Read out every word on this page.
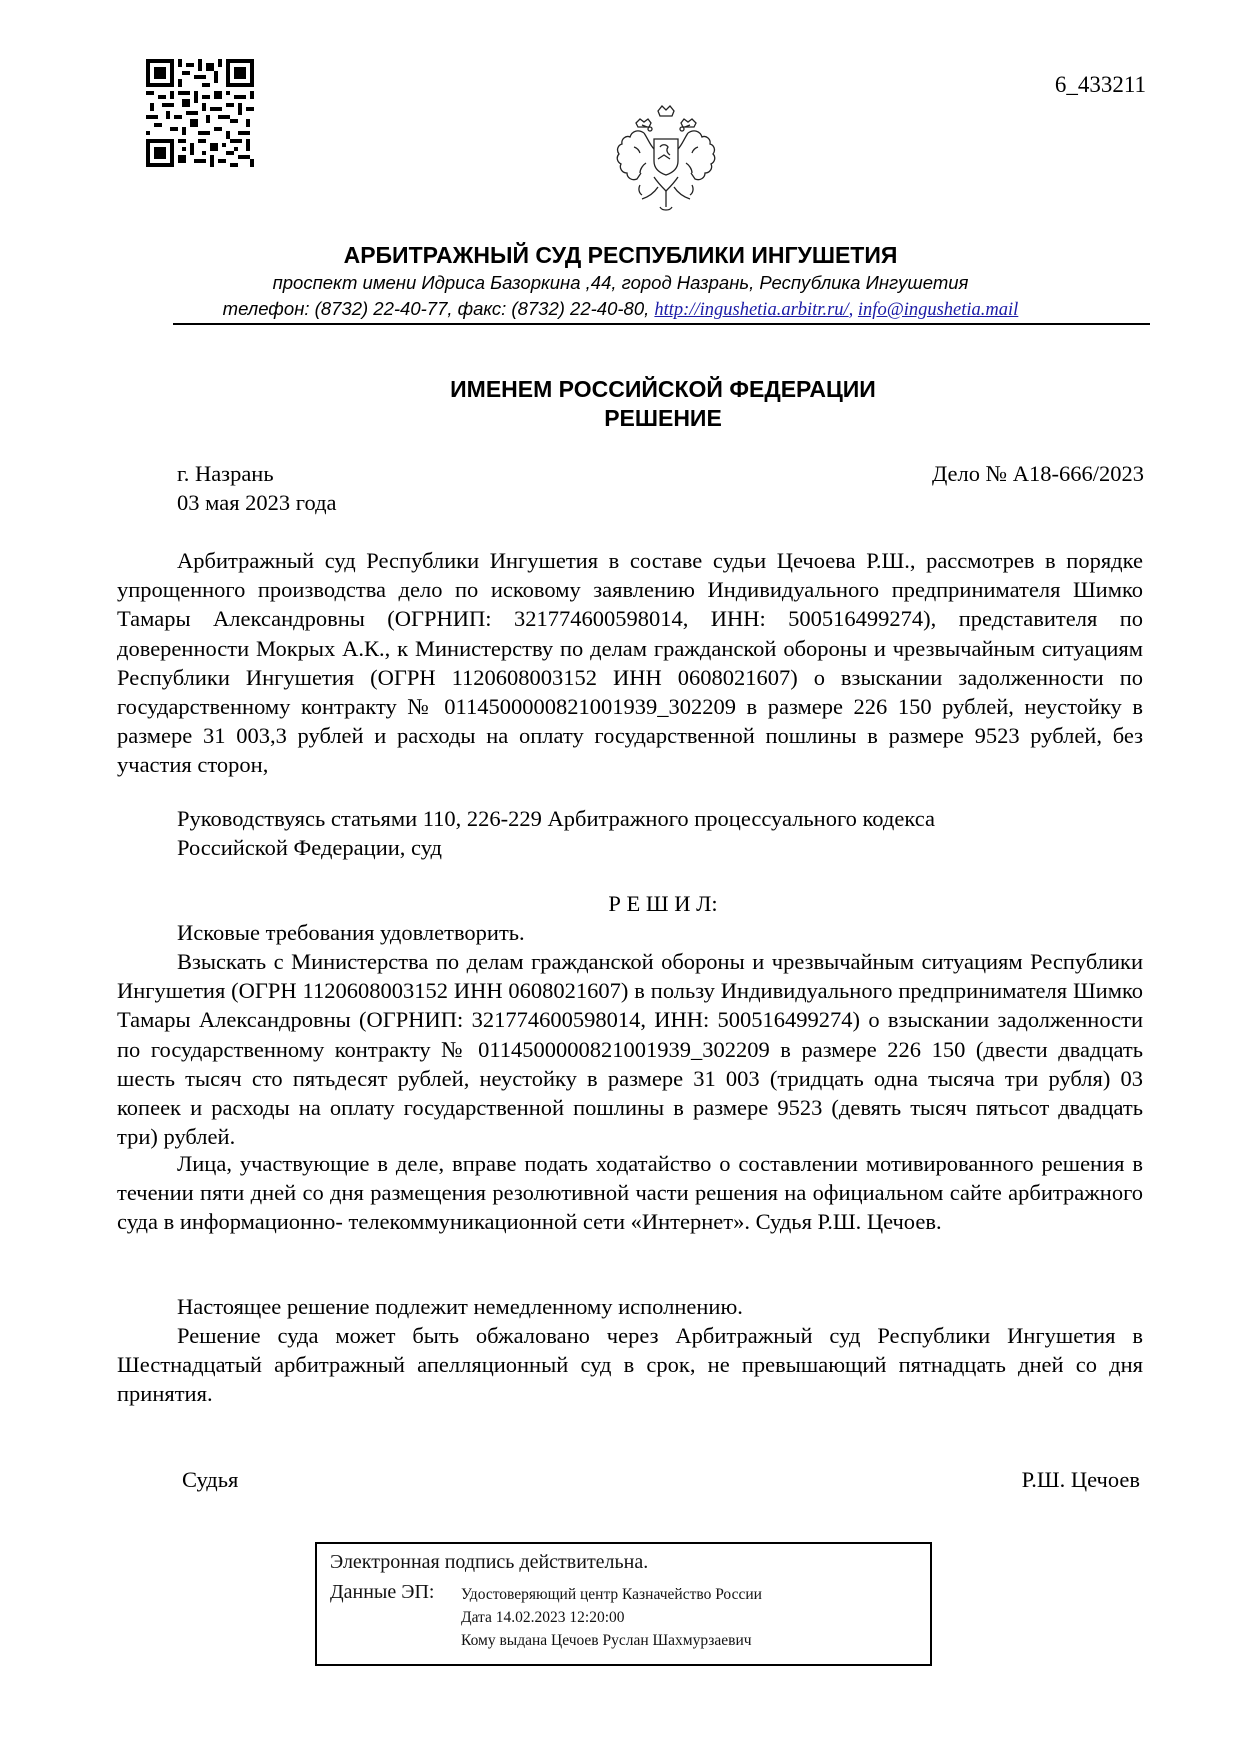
6_433211
АРБИТРАЖНЫЙ СУД РЕСПУБЛИКИ ИНГУШЕТИЯ
проспект имени Идриса Базоркина ,44, город Назрань, Республика Ингушетия
телефон: (8732) 22-40-77, факс: (8732) 22-40-80, http://ingushetia.arbitr.ru/, info@ingushetia.mail
ИМЕНЕМ РОССИЙСКОЙ ФЕДЕРАЦИИ
РЕШЕНИЕ
г. Назрань
03 мая 2023 года
Дело № А18-666/2023

Арбитражный суд Республики Ингушетия в составе судьи Цечоева Р.Ш., рассмотрев в порядке упрощенного производства дело по исковому заявлению Индивидуального предпринимателя Шимко Тамары Александровны (ОГРНИП: 321774600598014, ИНН: 500516499274), представителя по доверенности Мокрых А.К., к Министерству по делам гражданской обороны и чрезвычайным ситуациям Республики Ингушетия (ОГРН 1120608003152 ИНН 0608021607) о взыскании задолженности по государственному контракту № 0114500000821001939_302209 в размере 226 150 рублей, неустойку в размере 31 003,3 рублей и расходы на оплату государственной пошлины в размере 9523 рублей, без участия сторон,

Руководствуясь статьями 110, 226-229 Арбитражного процессуального кодекса
Российской Федерации, суд
Р Е Ш И Л:
Исковые требования удовлетворить.

Взыскать с Министерства по делам гражданской обороны и чрезвычайным ситуациям Республики Ингушетия (ОГРН 1120608003152 ИНН 0608021607) в пользу Индивидуального предпринимателя Шимко Тамары Александровны (ОГРНИП: 321774600598014, ИНН: 500516499274) о взыскании задолженности по государственному контракту № 0114500000821001939_302209 в размере 226 150 (двести двадцать шесть тысяч сто пятьдесят рублей, неустойку в размере 31 003 (тридцать одна тысяча три рубля) 03 копеек и расходы на оплату государственной пошлины в размере 9523 (девять тысяч пятьсот двадцать три) рублей.

Лица, участвующие в деле, вправе подать ходатайство о составлении мотивированного решения в течении пяти дней со дня размещения резолютивной части решения на официальном сайте арбитражного суда в информационно- телекоммуникационной сети «Интернет». Судья Р.Ш. Цечоев.

Настоящее решение подлежит немедленному исполнению.

Решение суда может быть обжаловано через Арбитражный суд Республики Ингушетия в Шестнадцатый арбитражный апелляционный суд в срок, не превышающий пятнадцать дней со дня принятия.

Судья	Р.Ш. Цечоев
Электронная подпись действительна.
Данные ЭП: Удостоверяющий центр Казначейство России
Дата 14.02.2023 12:20:00
Кому выдана Цечоев Руслан Шахмурзаевич
